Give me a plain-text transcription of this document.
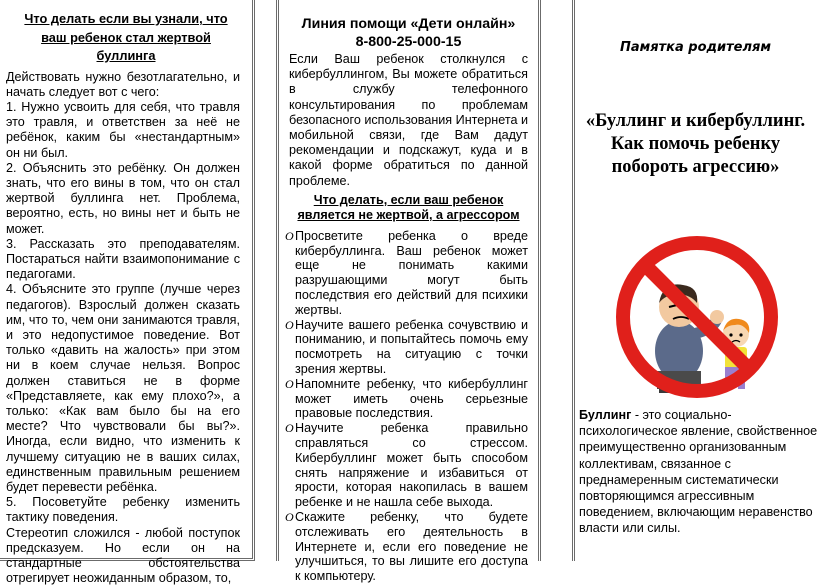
Что делать если вы узнали, что ваш ребенок стал жертвой буллинга

Действовать нужно безотлагательно, и начать следует вот с чего:

1. Нужно усвоить для себя, что травля это травля, и ответствен за неё не ребёнок, каким бы «нестандартным» он ни был.

2. Объяснить это ребёнку. Он должен знать, что его вины в том, что он стал жертвой буллинга нет. Проблема, вероятно, есть, но вины нет и быть не может.

3. Рассказать это преподавателям. Постараться найти взаимопонимание с педагогами.

4. Объясните это группе (лучше через педагогов). Взрослый должен сказать им, что то, чем они занимаются травля, и это недопустимое поведение. Вот только «давить на жалость» при этом ни в коем случае нельзя. Вопрос должен ставиться не в форме «Представляете, как ему плохо?», а только: «Как вам было бы на его месте? Что чувствовали бы вы?». Иногда, если видно, что изменить к лучшему ситуацию не в ваших силах, единственным правильным решением будет перевести ребёнка.

5. Посоветуйте ребенку изменить тактику поведения.

Стереотип сложился - любой поступок предсказуем. Но если он на стандартные обстоятельства отрегирует неожиданным образом, то,

Линия помощи «Дети онлайн»
8-800-25-000-15
Если Ваш ребенок столкнулся с кибербуллингом, Вы можете обратиться в службу телефонного консультирования по проблемам безопасного использования Интернета и мобильной связи, где Вам дадут рекомендации и подскажут, куда и в какой форме обратиться по данной проблеме.
Что делать, если ваш ребенок является не жертвой, а агрессором
O Просветите ребенка о вреде кибербуллинга. Ваш ребенок может еще не понимать какими разрушающими могут быть последствия его действий для психики жертвы.
O Научите вашего ребенка сочувствию и пониманию, и попытайтесь помочь ему посмотреть на ситуацию с точки зрения жертвы.
O Напомните ребенку, что кибербуллинг может иметь очень серьезные правовые последствия.
O Научите ребенка правильно справляться со стрессом. Кибербуллинг может быть способом снять напряжение и избавиться от ярости, которая накопилась в вашем ребенке и не нашла себе выхода.
O Скажите ребенку, что будете отслеживать его деятельность в Интернете и, если его поведение не улучшиться, то вы лишите его доступа к компьютеру.
Памятка родителям
«Буллинг и кибербуллинг. Как помочь ребенку побороть агрессию»
Буллинг - это социально-психологическое явление, свойственное преимущественно организованным коллективам, связанное с преднамеренным систематически повторяющимся агрессивным поведением, включающим неравенство власти или силы.
